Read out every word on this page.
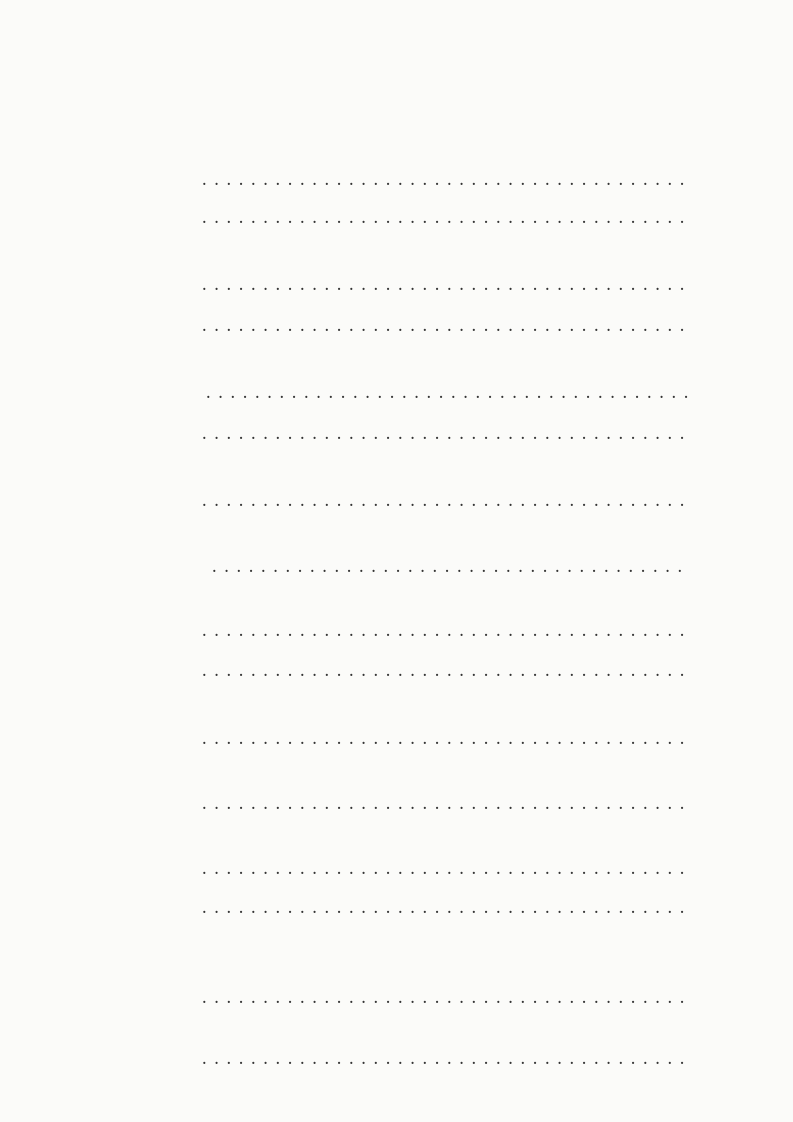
. . .
. . .
. . .
. . .
. . .
. . .
. . .
. . .
. . .
. . .
. . .
. . .
. . .
. . .
. . .
. . .
